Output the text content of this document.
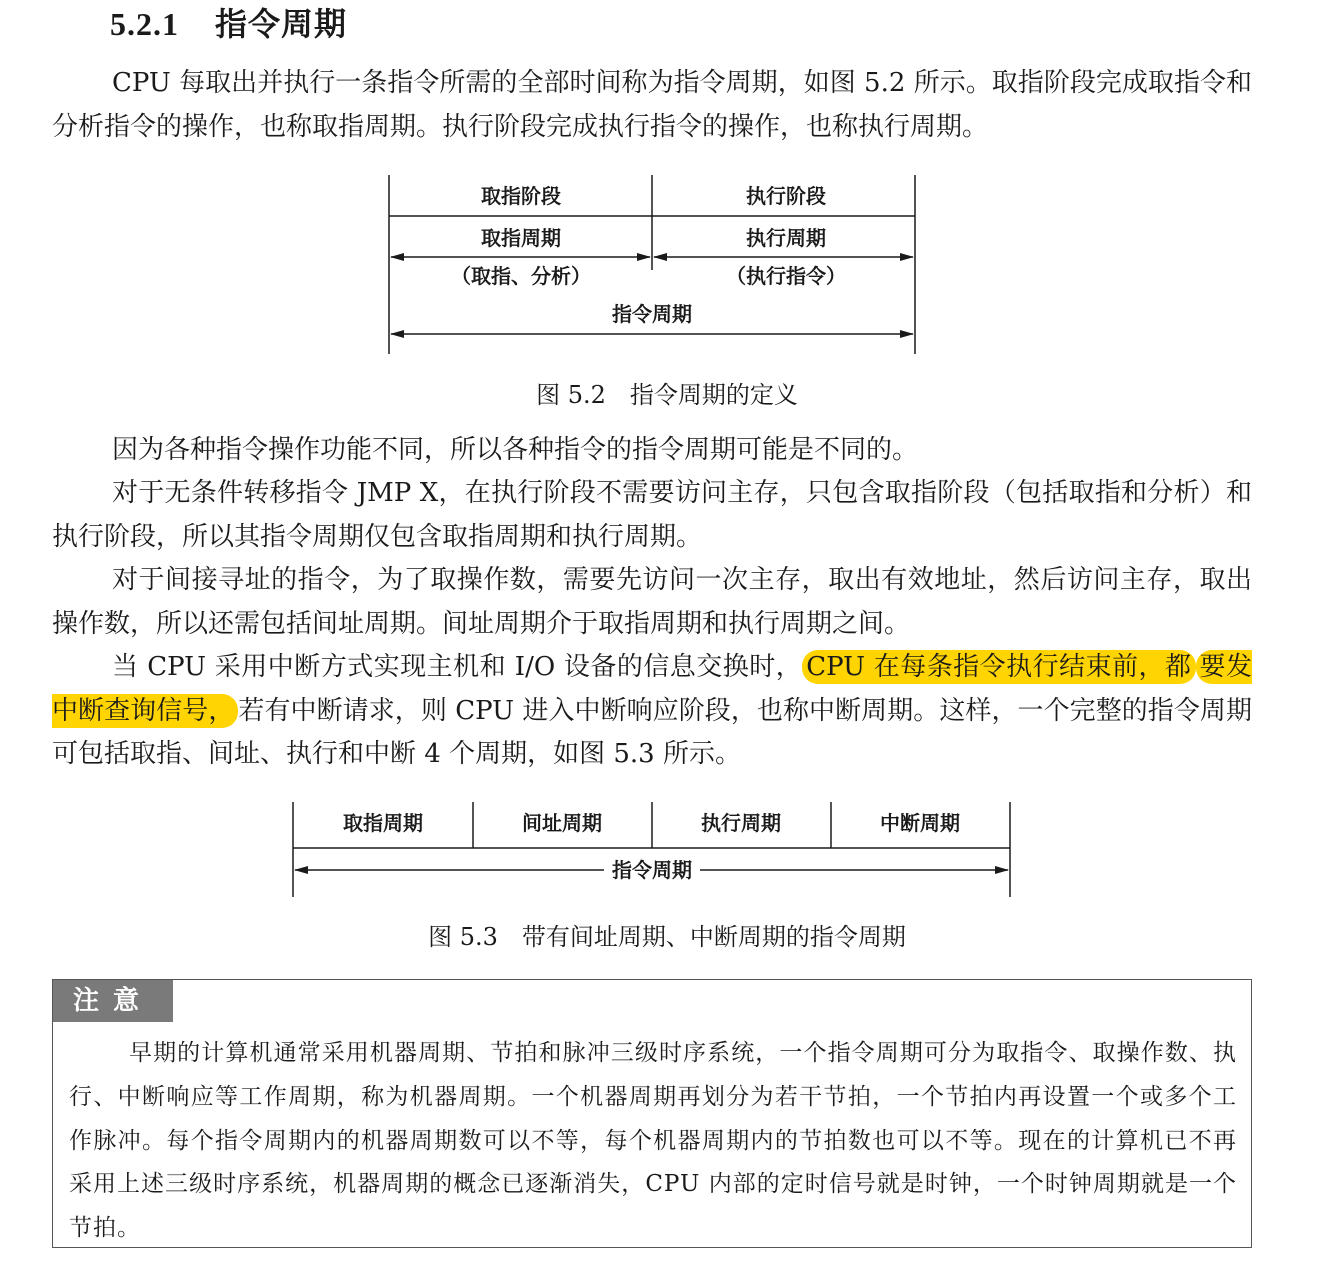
5.2.1 指令周期

CPU 每取出并执行一条指令所需的全部时间称为指令周期，如图 5.2 所示。取指阶段完成取指令和分析指令的操作，也称取指周期。执行阶段完成执行指令的操作，也称执行周期。

取指阶段	执行阶段
取指周期	执行周期
（取指、分析）	（执行指令）
指令周期

图 5.2　指令周期的定义

因为各种指令操作功能不同，所以各种指令的指令周期可能是不同的。

对于无条件转移指令 JMP X，在执行阶段不需要访问主存，只包含取指阶段（包括取指和分析）和执行阶段，所以其指令周期仅包含取指周期和执行周期。

对于间接寻址的指令，为了取操作数，需要先访问一次主存，取出有效地址，然后访问主存，取出操作数，所以还需包括间址周期。间址周期介于取指周期和执行周期之间。

当 CPU 采用中断方式实现主机和 I/O 设备的信息交换时， CPU 在每条指令执行结束前，都 要发中断查询信号， 若有中断请求，则 CPU 进入中断响应阶段，也称中断周期。这样，一个完整的指令周期可包括取指、间址、执行和中断 4 个周期，如图 5.3 所示。

取指周期	间址周期	执行周期	中断周期
指令周期

图 5.3　带有间址周期、中断周期的指令周期

注意

早期的计算机通常采用机器周期、节拍和脉冲三级时序系统，一个指令周期可分为取指令、取操作数、执行、中断响应等工作周期，称为机器周期。一个机器周期再划分为若干节拍，一个节拍内再设置一个或多个工作脉冲。每个指令周期内的机器周期数可以不等，每个机器周期内的节拍数也可以不等。现在的计算机已不再采用上述三级时序系统，机器周期的概念已逐渐消失，CPU 内部的定时信号就是时钟，一个时钟周期就是一个节拍。
